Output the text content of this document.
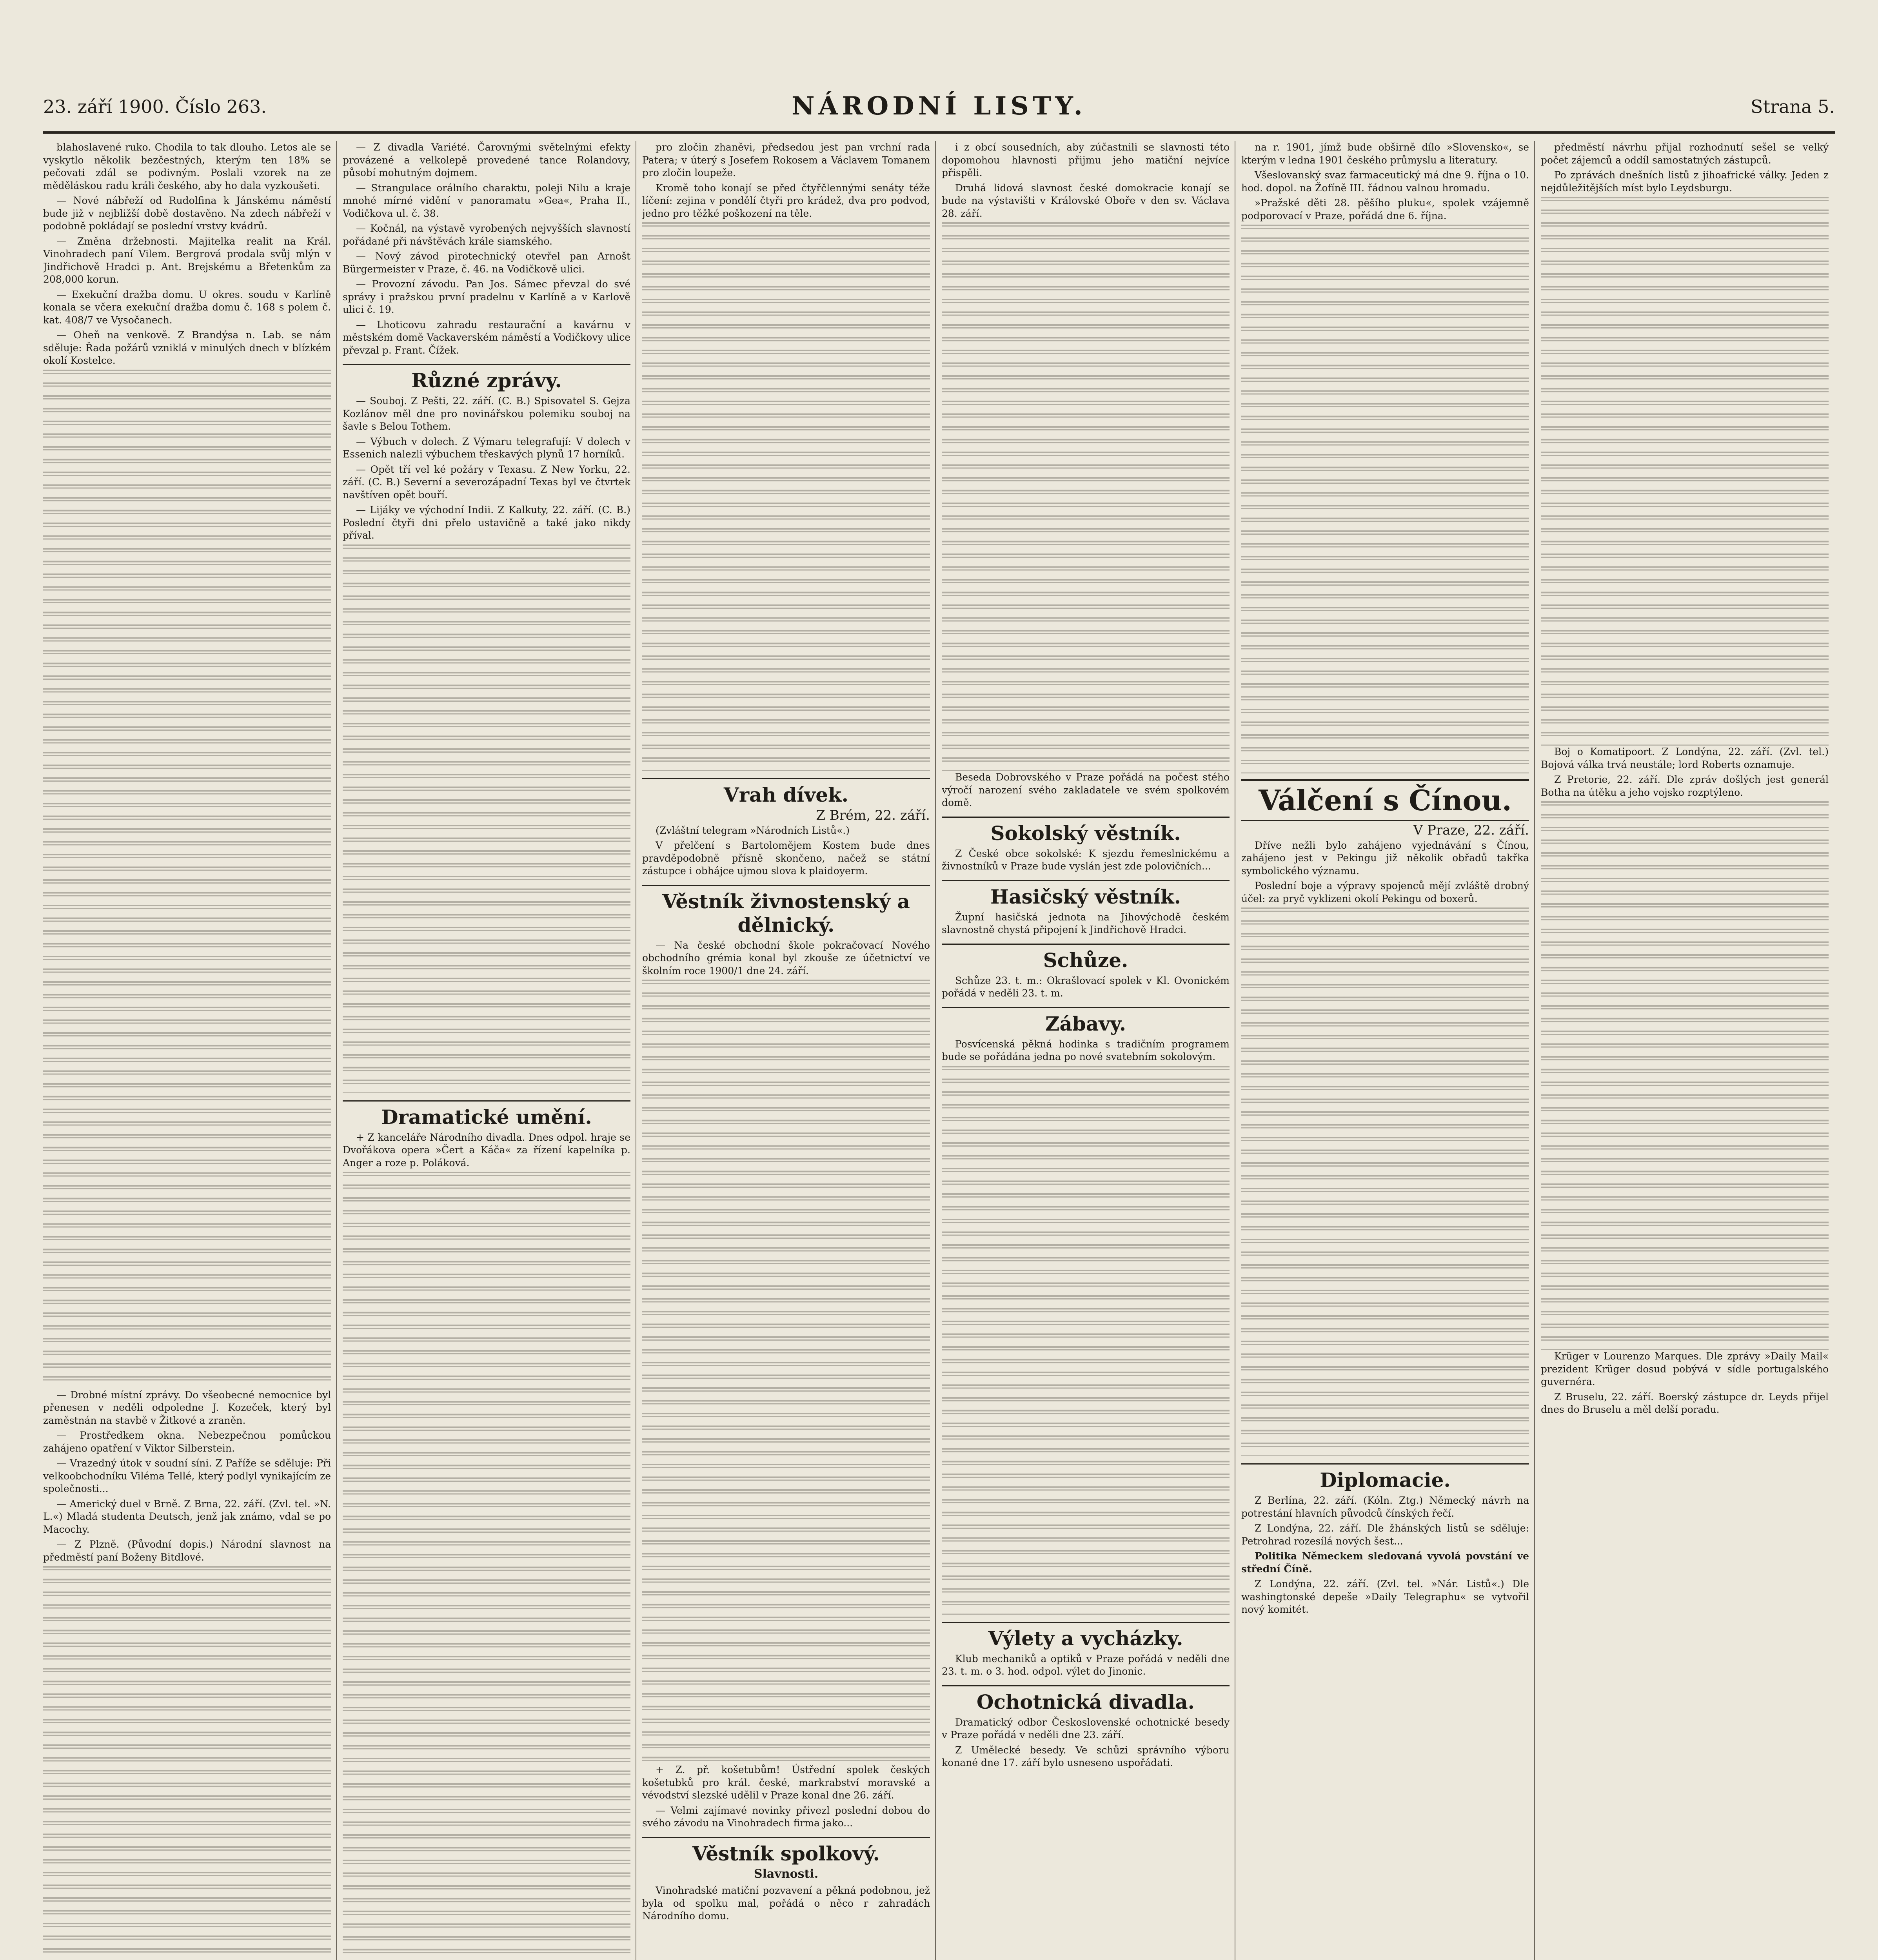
23. září 1900. Číslo 263.	NÁRODNÍ LISTY.	Strana 5.

blahoslavené ruko. Chodila to tak dlouho. Letos ale se vyskytlo několik bezčestných, kterým ten 18% se pečovati zdál se podivným. Poslali vzorek na ze měděláskou radu králi českého, aby ho dala vyzkoušeti.

— Nové nábřeží od Rudolfina k Jánskému náměstí bude již v nejbližší době dostavěno. Na zdech nábřeží v podobně pokládají se poslední vrstvy kvádrů.

— Změna držebnosti. Majitelka realit na Král. Vinohradech paní Vilem. Bergrová prodala svůj mlýn v Jindřichově Hradci p. Ant. Brejskému a Břetenkům za 208,000 korun.

— Exekuční dražba domu. U okres. soudu v Karlíně konala se včera exekuční dražba domu č. 168 s polem č. kat. 408/7 ve Vysočanech.

— Oheň na venkově. Z Brandýsa n. Lab. se nám sděluje: Řada požárů vzniklá v minulých dnech v blízkém okolí Kostelce.

— Drobné místní zprávy. Do všeobecné nemocnice byl přenesen v neděli odpoledne J. Kozeček, který byl zaměstnán na stavbě v Žitkové a zraněn.

— Prostředkem okna. Nebezpečnou pomůckou zahájeno opatření v Viktor Silberstein.

— Vrazedný útok v soudní síni. Z Paříže se sděluje: Při velkoobchodníku Viléma Tellé, který podlyl vynikajícím ze společnosti...

— Americký duel v Brně. Z Brna, 22. září. (Zvl. tel. »N. L.«) Mladá studenta Deutsch, jenž jak známo, vdal se po Macochy.

— Z Plzně. (Původní dopis.) Národní slavnost na předměstí paní Boženy Bitdlové.

— Z divadla Variété. Čarovnými světelnými efekty provázené a velkolepě provedené tance Rolandovy, působí mohutným dojmem.

— Strangulace orálního charaktu, poleji Nilu a kraje mnohé mírné vidění v panoramatu »Gea«, Praha II., Vodičkova ul. č. 38.

— Kočnál, na výstavě vyrobených nejvyšších slavností pořádané při návštěvách krále siamského.

— Nový závod pirotechnický otevřel pan Arnošt Bürgermeister v Praze, č. 46. na Vodičkově ulici.

— Provozní závodu. Pan Jos. Sámec převzal do své správy i pražskou první pradelnu v Karlíně a v Karlově ulici č. 19.

— Lhoticovu zahradu restaurační a kavárnu v městském domě Vackaverském náměstí a Vodičkovy ulice převzal p. Frant. Čížek.

Různé zprávy.

— Souboj. Z Pešti, 22. září. (C. B.) Spisovatel S. Gejza Kozlánov měl dne pro novinářskou polemiku souboj na šavle s Belou Tothem.

— Výbuch v dolech. Z Výmaru telegrafují: V dolech v Essenich nalezli výbuchem třeskavých plynů 17 horníků.

— Opět tří vel ké požáry v Texasu. Z New Yorku, 22. září. (C. B.) Severní a severozápadní Texas byl ve čtvrtek navštíven opět bouří.

— Lijáky ve východní Indii. Z Kalkuty, 22. září. (C. B.) Poslední čtyři dni přelo ustavičně a také jako nikdy příval.

Dramatické umění.

+ Z kanceláře Národního divadla. Dnes odpol. hraje se Dvořákova opera »Čert a Káča« za řízení kapelníka p. Anger a roze p. Poláková.

pro zločin zhaněvi, předsedou jest pan vrchní rada Patera; v úterý s Josefem Rokosem a Václavem Tomanem pro zločin loupeže.

Kromě toho konají se před čtyřčlennými senáty téže líčení: zejina v pondělí čtyři pro krádež, dva pro podvod, jedno pro těžké poškození na těle.

Vrah dívek.
Z Brém, 22. září.

(Zvláštní telegram »Národních Listů«.)

V přelčení s Bartolomějem Kostem bude dnes pravděpodobně přísně skončeno, načež se státní zástupce i obhájce ujmou slova k plaidoyerm.

Věstník živnostenský a dělnický.

— Na české obchodní škole pokračovací Nového obchodního grémia konal byl zkouše ze účetnictví ve školním roce 1900/1 dne 24. září.

+ Z. př. košetubům! Ústřední spolek českých košetubků pro král. české, markrabství moravské a vévodství slezské udělil v Praze konal dne 26. září.

— Velmi zajímavé novinky přivezl poslední dobou do svého závodu na Vinohradech firma jako...

Věstník spolkový.
Slavnosti.

Vinohradské matiční pozvavení a pěkná podobnou, jež byla od spolku mal, pořádá o něco r zahradách Národního domu.

i z obcí sousedních, aby zúčastnili se slavnosti této dopomohou hlavnosti přijmu jeho matiční nejvíce přispěli.

Druhá lidová slavnost české domokracie konají se bude na výstavišti v Královské Oboře v den sv. Václava 28. září.

Beseda Dobrovského v Praze pořádá na počest stého výročí narození svého zakladatele ve svém spolkovém domě.

Sokolský věstník.

Z České obce sokolské: K sjezdu řemeslnickému a živnostníků v Praze bude vyslán jest zde polovičních...

Hasičský věstník.

Župní hasičská jednota na Jihovýchodě českém slavnostně chystá připojení k Jindřichově Hradci.

Schůze.

Schůze 23. t. m.: Okrašlovací spolek v Kl. Ovonickém pořádá v neděli 23. t. m.

Zábavy.

Posvícenská pěkná hodinka s tradičním programem bude se pořádána jedna po nové svatebním sokolovým.

Výlety a vycházky.

Klub mechaniků a optiků v Praze pořádá v neděli dne 23. t. m. o 3. hod. odpol. výlet do Jinonic.

Ochotnická divadla.

Dramatický odbor Československé ochotnické besedy v Praze pořádá v neděli dne 23. září.

Z Umělecké besedy. Ve schůzi správního výboru konané dne 17. září bylo usneseno uspořádati.

na r. 1901, jímž bude obširně dílo »Slovensko«, se kterým v ledna 1901 českého průmyslu a literatury.

Všeslovanský svaz farmaceutický má dne 9. října o 10. hod. dopol. na Žofíně III. řádnou valnou hromadu.

»Pražské děti 28. pěšího pluku«, spolek vzájemně podporovací v Praze, pořádá dne 6. října.

Válčení s Čínou.
V Praze, 22. září.

Dříve nežli bylo zahájeno vyjednávání s Čínou, zahájeno jest v Pekingu již několik obřadů takřka symbolického významu.

Poslední boje a výpravy spojenců mějí zvláště drobný účel: za pryč vyklizeni okolí Pekingu od boxerů.

Diplomacie.

Z Berlína, 22. září. (Kóln. Ztg.) Německý návrh na potrestání hlavních původců čínských řečí.

Z Londýna, 22. září. Dle žhánských listů se sděluje: Petrohrad rozesílá nových šest...

Politika Německem sledovaná vyvolá povstání ve střední Číně.

Z Londýna, 22. září. (Zvl. tel. »Nár. Listů«.) Dle washingtonské depeše »Daily Telegraphu« se vytvořil nový komitét.

předměstí návrhu přijal rozhodnutí sešel se velký počet zájemců a oddíl samostatných zástupců.

Po zprávách dnešních listů z jihoafrické války. Jeden z nejdůležitějších míst bylo Leydsburgu.

Boj o Komatipoort. Z Londýna, 22. září. (Zvl. tel.) Bojová válka trvá neustále; lord Roberts oznamuje.

Z Pretorie, 22. září. Dle zpráv došlých jest generál Botha na útěku a jeho vojsko rozptýleno.

Krüger v Lourenzo Marques. Dle zprávy »Daily Mail« prezident Krüger dosud pobývá v sídle portugalského guvernéra.

Z Bruselu, 22. září. Boerský zástupce dr. Leyds přijel dnes do Bruselu a měl delší poradu.
